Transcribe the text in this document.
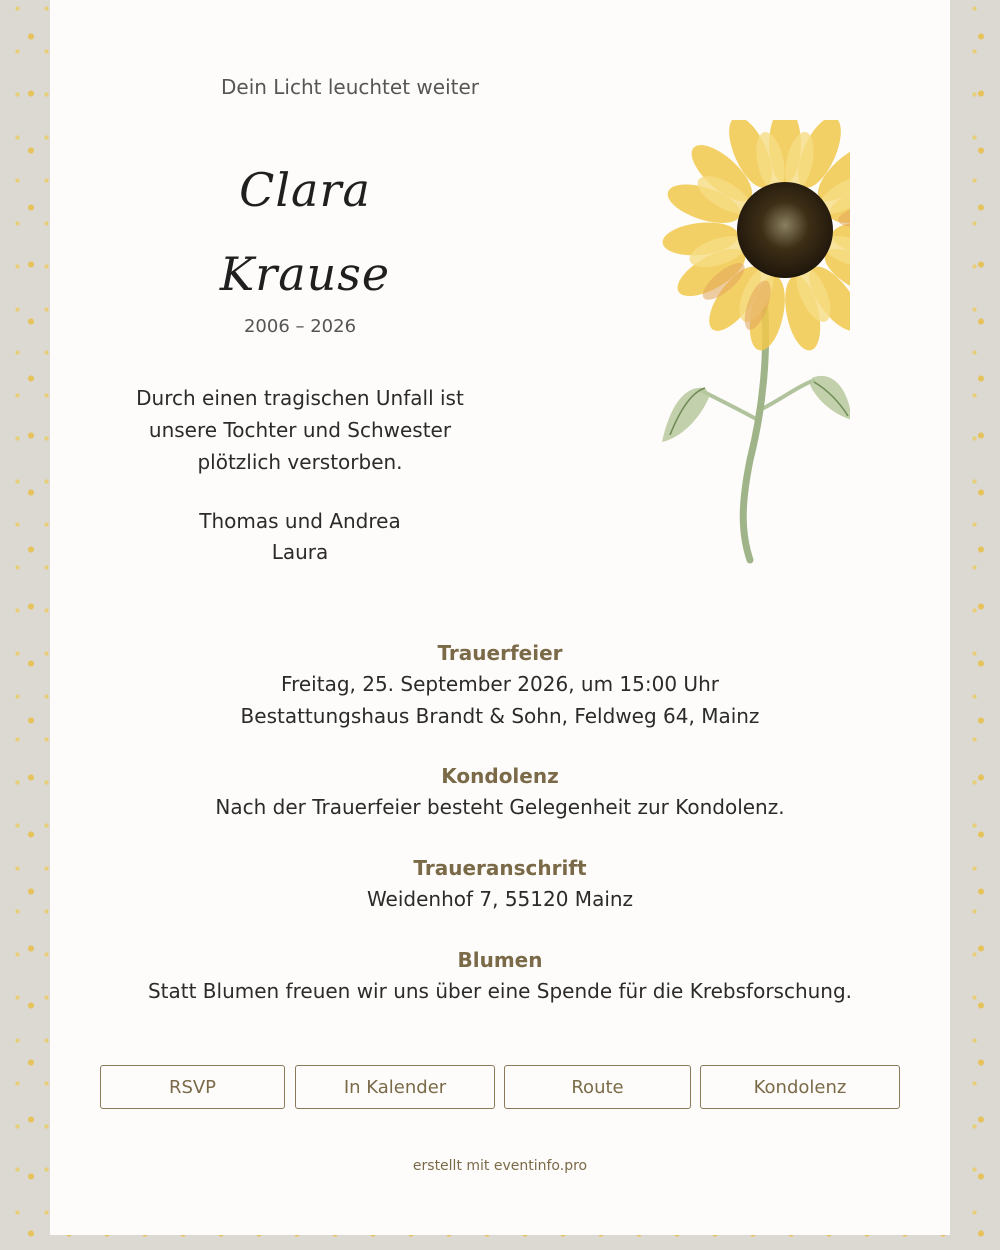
Dein Licht leuchtet weiter
Clara
Krause
2006 – 2026
Durch einen tragischen Unfall ist unsere Tochter und Schwester plötzlich verstorben.
Thomas und Andrea
Laura
Trauerfeier
Freitag, 25. September 2026, um 15:00 Uhr
Bestattungshaus Brandt & Sohn, Feldweg 64, Mainz
Kondolenz
Nach der Trauerfeier besteht Gelegenheit zur Kondolenz.
Traueranschrift
Weidenhof 7, 55120 Mainz
Blumen
Statt Blumen freuen wir uns über eine Spende für die Krebsforschung.
RSVP	In Kalender	Route	Kondolenz
erstellt mit eventinfo.pro
